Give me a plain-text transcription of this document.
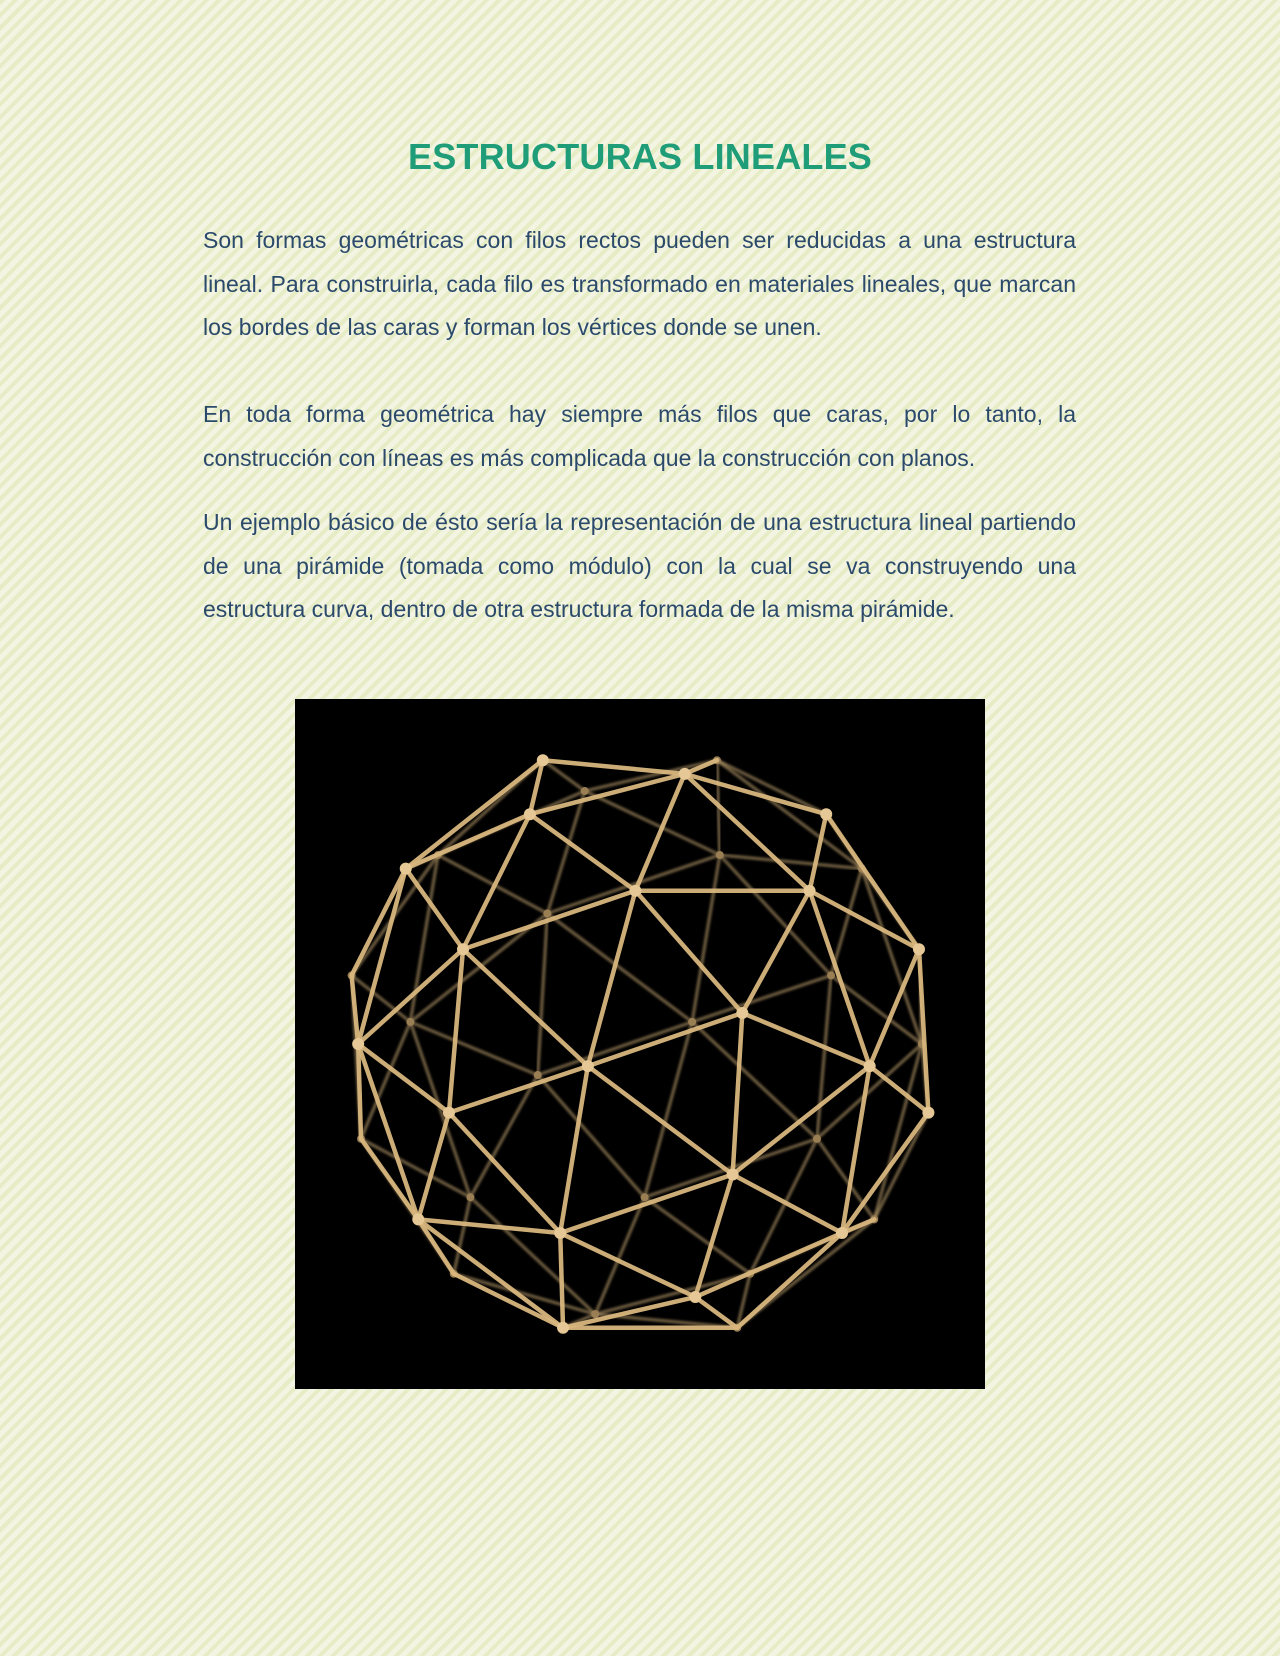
ESTRUCTURAS LINEALES

Son formas geométricas con filos rectos pueden ser reducidas a una estructura lineal. Para construirla, cada filo es transformado en materiales lineales, que marcan los bordes de las caras y forman los vértices donde se unen.

En toda forma geométrica hay siempre más filos que caras, por lo tanto, la construcción con líneas es más complicada que la construcción con planos.

Un ejemplo básico de ésto sería la representación de una estructura lineal partiendo de una pirámide (tomada como módulo) con la cual se va construyendo una estructura curva, dentro de otra estructura formada de la misma pirámide.
